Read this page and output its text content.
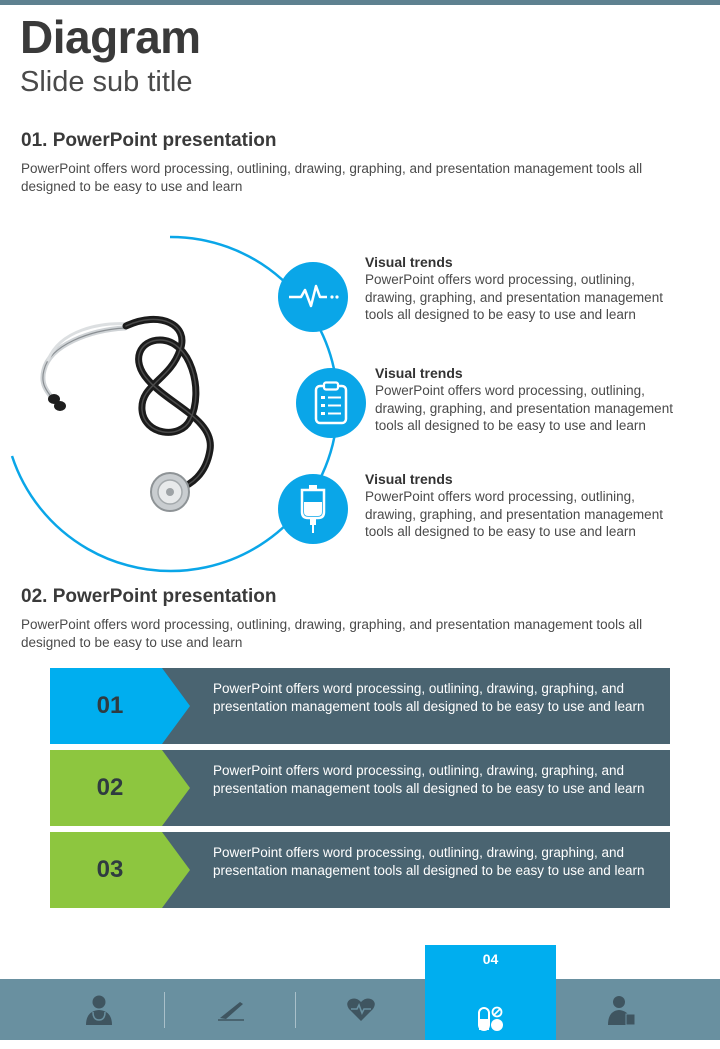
Diagram
Slide sub title
01. PowerPoint presentation
PowerPoint offers word processing, outlining, drawing, graphing, and presentation management tools all designed to be easy to use and learn
Visual trends
PowerPoint offers word processing, outlining, drawing, graphing, and presentation management tools all designed to be easy to use and learn
Visual trends
PowerPoint offers word processing, outlining, drawing, graphing, and presentation management tools all designed to be easy to use and learn
Visual trends
PowerPoint offers word processing, outlining, drawing, graphing, and presentation management tools all designed to be easy to use and learn
02. PowerPoint presentation
PowerPoint offers word processing, outlining, drawing, graphing, and presentation management tools all designed to be easy to use and learn
01
PowerPoint offers word processing, outlining, drawing, graphing, and presentation management tools all designed to be easy to use and learn
02
PowerPoint offers word processing, outlining, drawing, graphing, and presentation management tools all designed to be easy to use and learn
03
PowerPoint offers word processing, outlining, drawing, graphing, and presentation management tools all designed to be easy to use and learn
04
